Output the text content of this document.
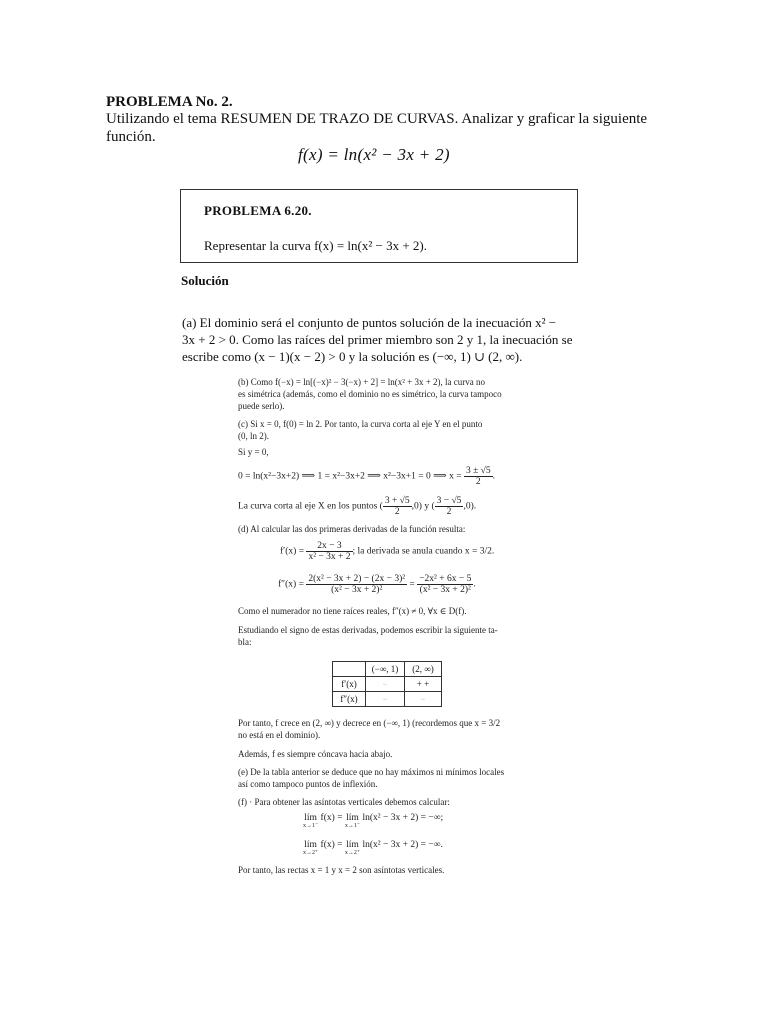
PROBLEMA No. 2.
Utilizando el tema RESUMEN DE TRAZO DE CURVAS. Analizar y graficar la siguiente
función.
f(x) = ln(x² − 3x + 2)
PROBLEMA 6.20.
Representar la curva f(x) = ln(x² − 3x + 2).
Solución
(a) El dominio será el conjunto de puntos solución de la inecuación x² −
3x + 2 > 0. Como las raíces del primer miembro son 2 y 1, la inecuación se
escribe como (x − 1)(x − 2) > 0 y la solución es (−∞, 1) ∪ (2, ∞).
(b) Como f(−x) = ln[(−x)² − 3(−x) + 2] = ln(x² + 3x + 2), la curva no
es simétrica (además, como el dominio no es simétrico, la curva tampoco
puede serlo).
(c) Si x = 0, f(0) = ln 2. Por tanto, la curva corta al eje Y en el punto
(0, ln 2).
Si y = 0,
0 = ln(x²−3x+2) ⟹ 1 = x²−3x+2 ⟹ x²−3x+1 = 0 ⟹ $x = \frac{3 \pm √5}{2}$ .
La curva corta al eje X en los puntos ( $\frac{3 + √5}{2} ,0$) y ( $\frac{3 - √5}{2} ,0$).
(d) Al calcular las dos primeras derivadas de la función resulta:
$f'(x) = \frac{2x - 3}{\text{x² − 3x + 2}}$ ; la derivada se anula cuando x = 3/2.
$f''(x) = \frac{\text{2(x² − 3x + 2) − (2x − 3)²}}{\text{(x² − 3x + 2)²}} = \frac{\text{−2x² + 6x − 5}}{\text{(x² − 3x + 2)²}}$ .
Como el numerador no tiene raíces reales, f″(x) ≠ 0, ∀x ∈ D(f).
Estudiando el signo de estas derivadas, podemos escribir la siguiente ta-
bla:
	(−∞, 1)	(2, ∞)
f′(x)	−	+ +
f″(x)	−	−
Por tanto, f crece en (2, ∞) y decrece en (−∞, 1) (recordemos que x = 3/2
no está en el dominio).
Además, f es siempre cóncava hacia abajo.
(e) De la tabla anterior se deduce que no hay máximos ni mínimos locales
así como tampoco puntos de inflexión.
(f) · Para obtener las asíntotas verticales debemos calcular:
lím
x→1⁻
f(x) = lím
x→1⁻
ln(x² − 3x + 2) = −∞;
lím
x→2⁺
f(x) = lím
x→2⁺
ln(x² − 3x + 2) = −∞.
Por tanto, las rectas x = 1 y x = 2 son asíntotas verticales.
